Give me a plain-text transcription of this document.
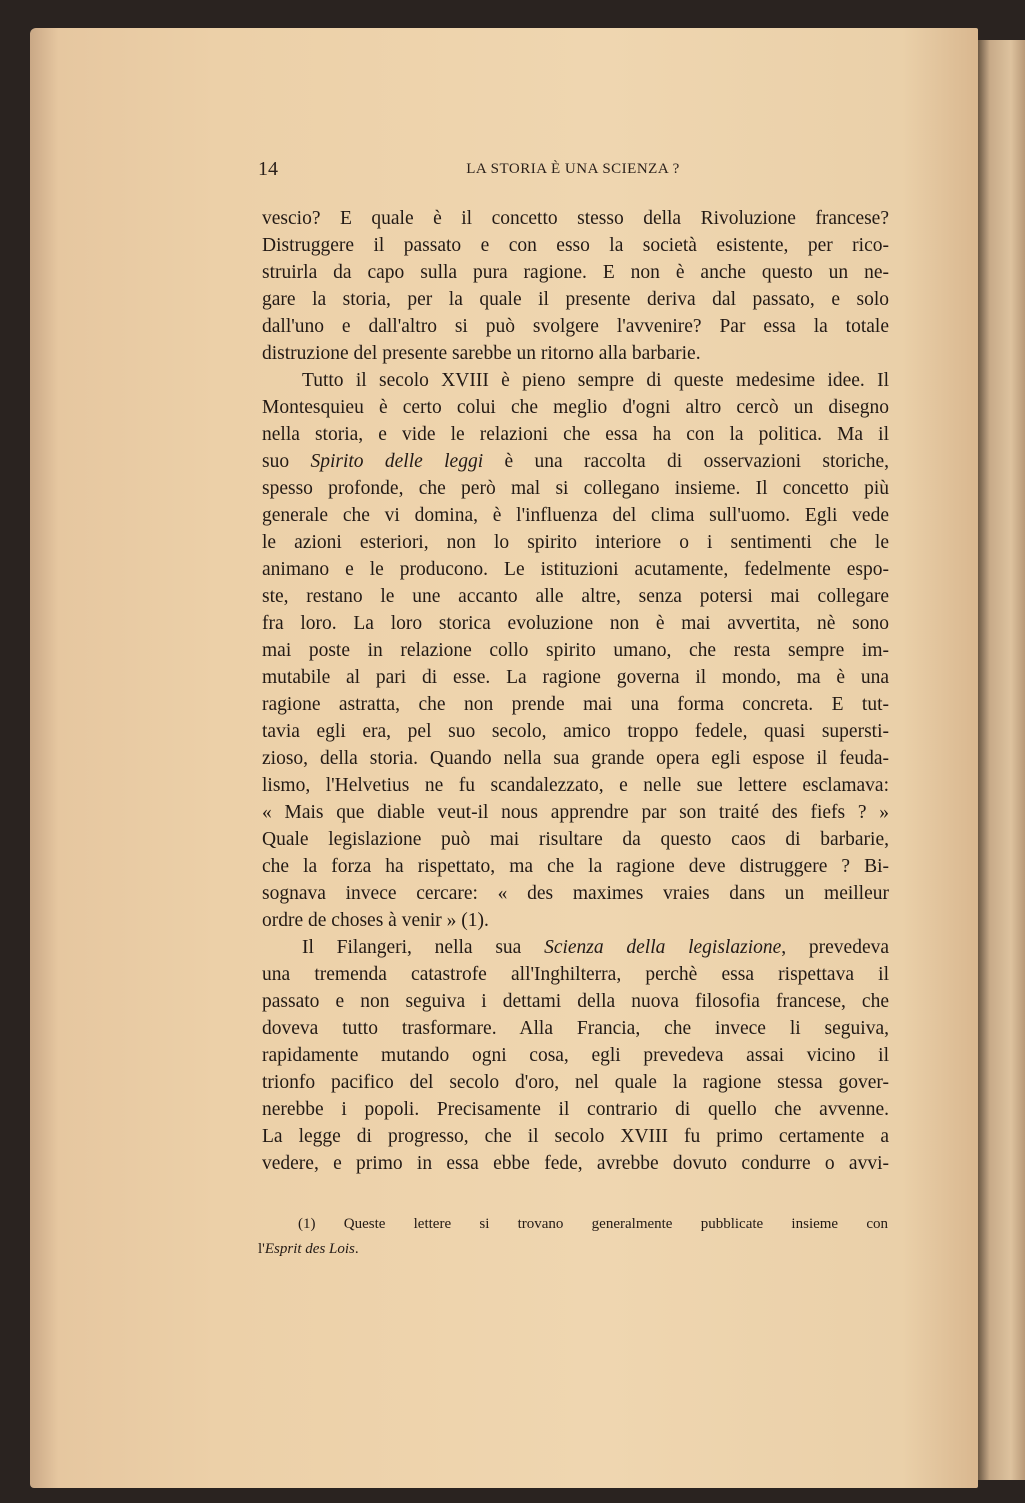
14	LA STORIA È UNA SCIENZA ?
vescio? E quale è il concetto stesso della Rivoluzione francese?
Distruggere il passato e con esso la società esistente, per rico-
struirla da capo sulla pura ragione. E non è anche questo un ne-
gare la storia, per la quale il presente deriva dal passato, e solo
dall'uno e dall'altro si può svolgere l'avvenire? Par essa la totale
distruzione del presente sarebbe un ritorno alla barbarie.
Tutto il secolo XVIII è pieno sempre di queste medesime idee. Il
Montesquieu è certo colui che meglio d'ogni altro cercò un disegno
nella storia, e vide le relazioni che essa ha con la politica. Ma il
suo Spirito delle leggi è una raccolta di osservazioni storiche,
spesso profonde, che però mal si collegano insieme. Il concetto più
generale che vi domina, è l'influenza del clima sull'uomo. Egli vede
le azioni esteriori, non lo spirito interiore o i sentimenti che le
animano e le producono. Le istituzioni acutamente, fedelmente espo-
ste, restano le une accanto alle altre, senza potersi mai collegare
fra loro. La loro storica evoluzione non è mai avvertita, nè sono
mai poste in relazione collo spirito umano, che resta sempre im-
mutabile al pari di esse. La ragione governa il mondo, ma è una
ragione astratta, che non prende mai una forma concreta. E tut-
tavia egli era, pel suo secolo, amico troppo fedele, quasi supersti-
zioso, della storia. Quando nella sua grande opera egli espose il feuda-
lismo, l'Helvetius ne fu scandalezzato, e nelle sue lettere esclamava:
« Mais que diable veut-il nous apprendre par son traité des fiefs ? »
Quale legislazione può mai risultare da questo caos di barbarie,
che la forza ha rispettato, ma che la ragione deve distruggere ? Bi-
sognava invece cercare: « des maximes vraies dans un meilleur
ordre de choses à venir » (1).
Il Filangeri, nella sua Scienza della legislazione, prevedeva
una tremenda catastrofe all'Inghilterra, perchè essa rispettava il
passato e non seguiva i dettami della nuova filosofia francese, che
doveva tutto trasformare. Alla Francia, che invece li seguiva,
rapidamente mutando ogni cosa, egli prevedeva assai vicino il
trionfo pacifico del secolo d'oro, nel quale la ragione stessa gover-
nerebbe i popoli. Precisamente il contrario di quello che avvenne.
La legge di progresso, che il secolo XVIII fu primo certamente a
vedere, e primo in essa ebbe fede, avrebbe dovuto condurre o avvi-
(1) Queste lettere si trovano generalmente pubblicate insieme con
l'Esprit des Lois.
